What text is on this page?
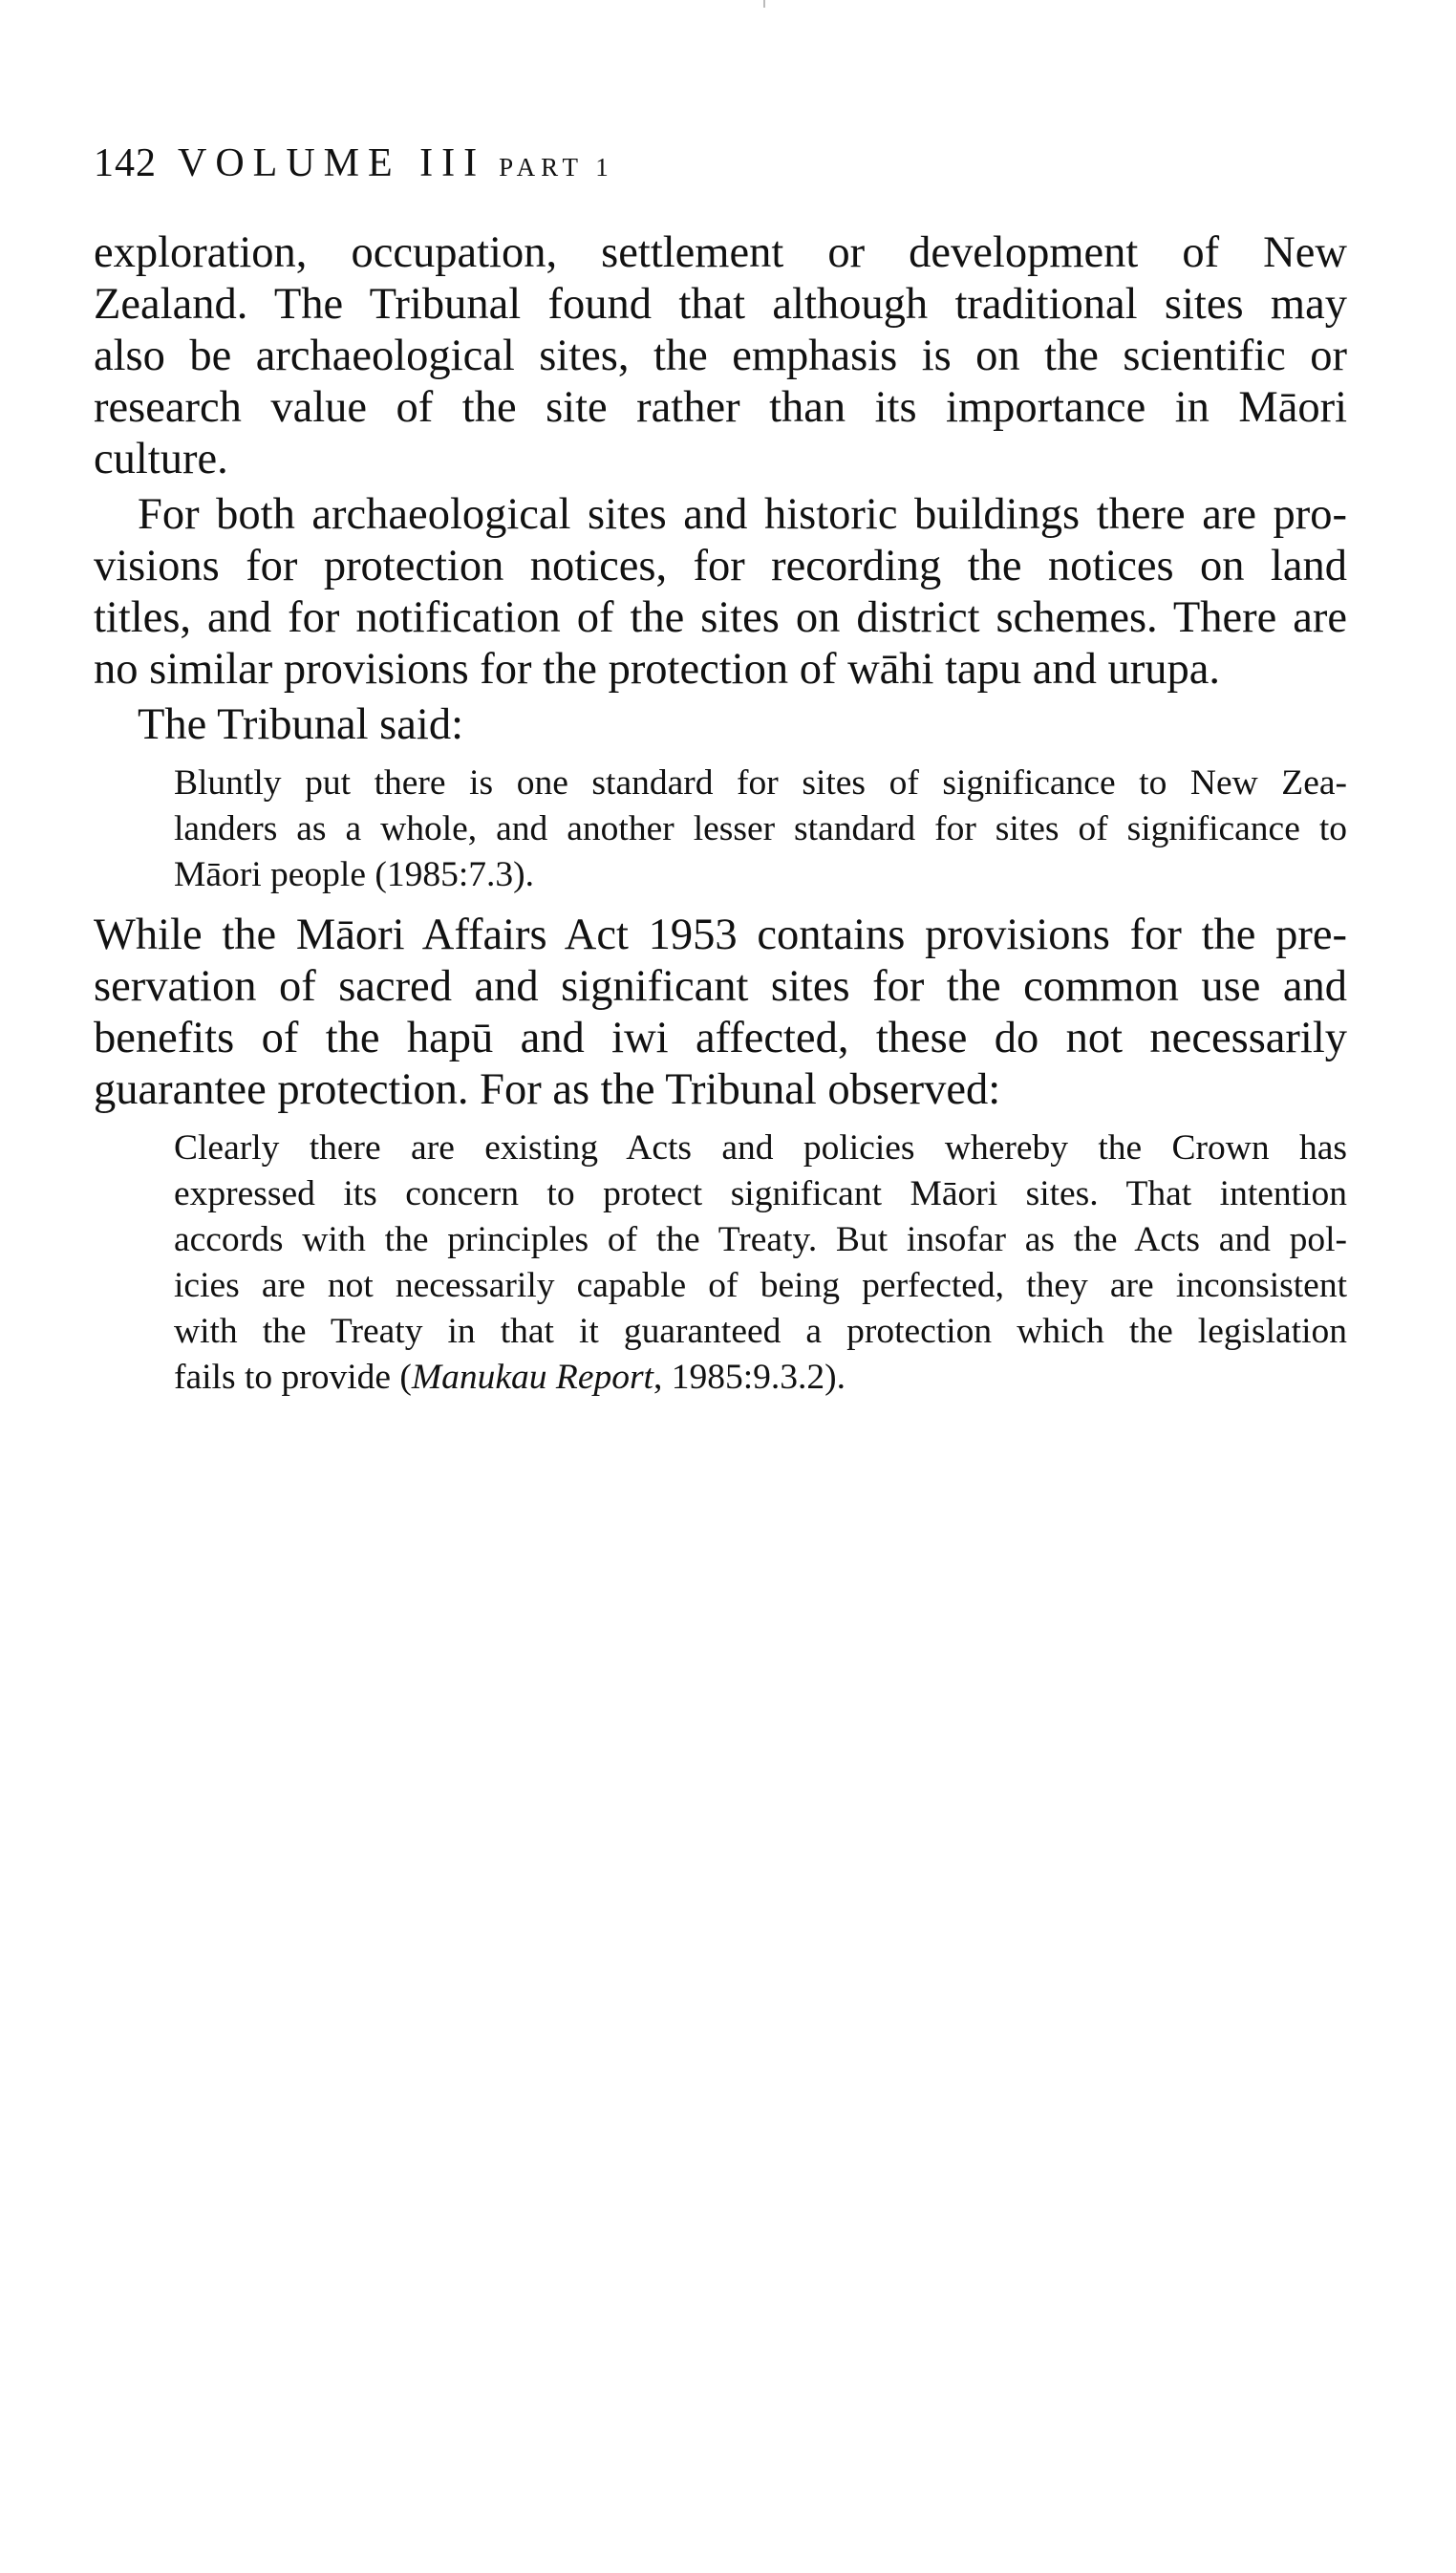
142 VOLUME III PART 1

exploration, occupation, settlement or development of New
Zealand. The Tribunal found that although traditional sites may
also be archaeological sites, the emphasis is on the scientific or
research value of the site rather than its importance in Māori
culture.

For both archaeological sites and historic buildings there are pro-
visions for protection notices, for recording the notices on land
titles, and for notification of the sites on district schemes. There are
no similar provisions for the protection of wāhi tapu and urupa.

The Tribunal said:

Bluntly put there is one standard for sites of significance to New Zea-
landers as a whole, and another lesser standard for sites of significance to
Māori people (1985:7.3).

While the Māori Affairs Act 1953 contains provisions for the pre-
servation of sacred and significant sites for the common use and
benefits of the hapū and iwi affected, these do not necessarily
guarantee protection. For as the Tribunal observed:

Clearly there are existing Acts and policies whereby the Crown has
expressed its concern to protect significant Māori sites. That intention
accords with the principles of the Treaty. But insofar as the Acts and pol-
icies are not necessarily capable of being perfected, they are inconsistent
with the Treaty in that it guaranteed a protection which the legislation
fails to provide (Manukau Report, 1985:9.3.2).
